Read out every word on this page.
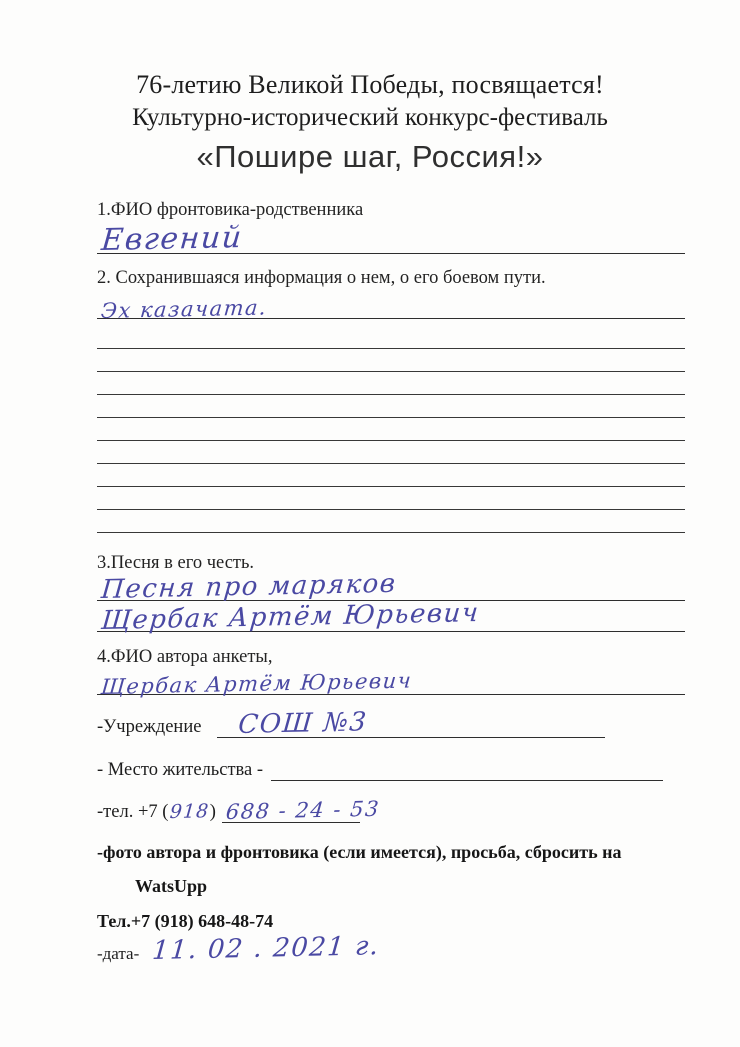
76-летию Великой Победы, посвящается!
Культурно-исторический конкурс-фестиваль
«Пошире шаг, Россия!»
1.ФИО фронтовика-родственника
Евгений
2. Сохранившаяся информация о нем, о его боевом пути.
Эх казачата.
3.Песня в его честь.
Песня про маряков
Щербак Артём Юрьевич
4.ФИО автора анкеты,
Щербак Артём Юрьевич
-Учреждение СОШ №3
- Место жительства -
-тел. +7 ( 918 ) 688 - 24 - 53
-фото автора и фронтовика (если имеется), просьба, сбросить на
WatsUpp
Тел.+7 (918) 648-48-74
-дата- 11. 02 . 2021 г.
